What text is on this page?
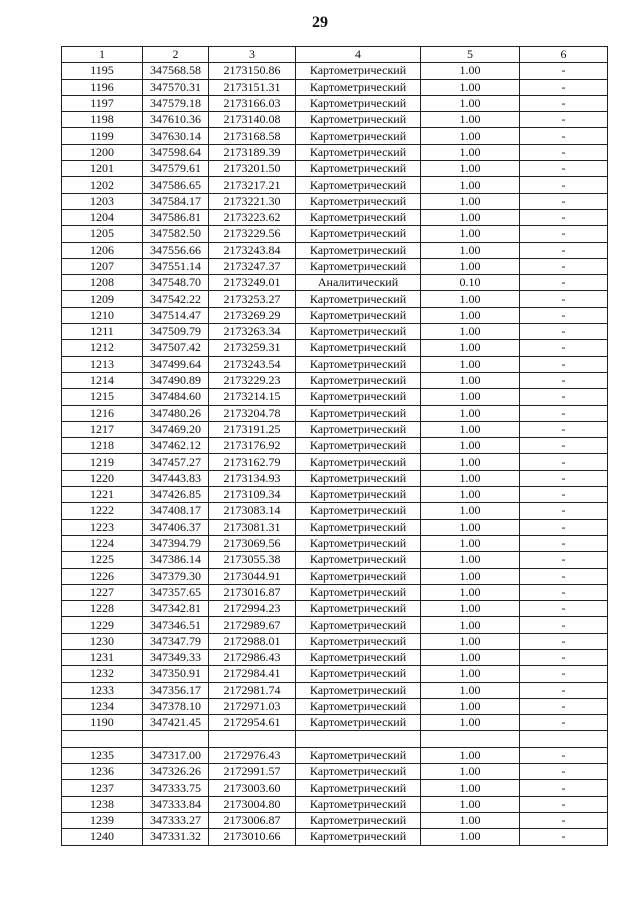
29
1	2	3	4	5	6
1195	347568.58	2173150.86	Картометрический	1.00	-
1196	347570.31	2173151.31	Картометрический	1.00	-
1197	347579.18	2173166.03	Картометрический	1.00	-
1198	347610.36	2173140.08	Картометрический	1.00	-
1199	347630.14	2173168.58	Картометрический	1.00	-
1200	347598.64	2173189.39	Картометрический	1.00	-
1201	347579.61	2173201.50	Картометрический	1.00	-
1202	347586.65	2173217.21	Картометрический	1.00	-
1203	347584.17	2173221.30	Картометрический	1.00	-
1204	347586.81	2173223.62	Картометрический	1.00	-
1205	347582.50	2173229.56	Картометрический	1.00	-
1206	347556.66	2173243.84	Картометрический	1.00	-
1207	347551.14	2173247.37	Картометрический	1.00	-
1208	347548.70	2173249.01	Аналитический	0.10	-
1209	347542.22	2173253.27	Картометрический	1.00	-
1210	347514.47	2173269.29	Картометрический	1.00	-
1211	347509.79	2173263.34	Картометрический	1.00	-
1212	347507.42	2173259.31	Картометрический	1.00	-
1213	347499.64	2173243.54	Картометрический	1.00	-
1214	347490.89	2173229.23	Картометрический	1.00	-
1215	347484.60	2173214.15	Картометрический	1.00	-
1216	347480.26	2173204.78	Картометрический	1.00	-
1217	347469.20	2173191.25	Картометрический	1.00	-
1218	347462.12	2173176.92	Картометрический	1.00	-
1219	347457.27	2173162.79	Картометрический	1.00	-
1220	347443.83	2173134.93	Картометрический	1.00	-
1221	347426.85	2173109.34	Картометрический	1.00	-
1222	347408.17	2173083.14	Картометрический	1.00	-
1223	347406.37	2173081.31	Картометрический	1.00	-
1224	347394.79	2173069.56	Картометрический	1.00	-
1225	347386.14	2173055.38	Картометрический	1.00	-
1226	347379.30	2173044.91	Картометрический	1.00	-
1227	347357.65	2173016.87	Картометрический	1.00	-
1228	347342.81	2172994.23	Картометрический	1.00	-
1229	347346.51	2172989.67	Картометрический	1.00	-
1230	347347.79	2172988.01	Картометрический	1.00	-
1231	347349.33	2172986.43	Картометрический	1.00	-
1232	347350.91	2172984.41	Картометрический	1.00	-
1233	347356.17	2172981.74	Картометрический	1.00	-
1234	347378.10	2172971.03	Картометрический	1.00	-
1190	347421.45	2172954.61	Картометрический	1.00	-

1235	347317.00	2172976.43	Картометрический	1.00	-
1236	347326.26	2172991.57	Картометрический	1.00	-
1237	347333.75	2173003.60	Картометрический	1.00	-
1238	347333.84	2173004.80	Картометрический	1.00	-
1239	347333.27	2173006.87	Картометрический	1.00	-
1240	347331.32	2173010.66	Картометрический	1.00	-
